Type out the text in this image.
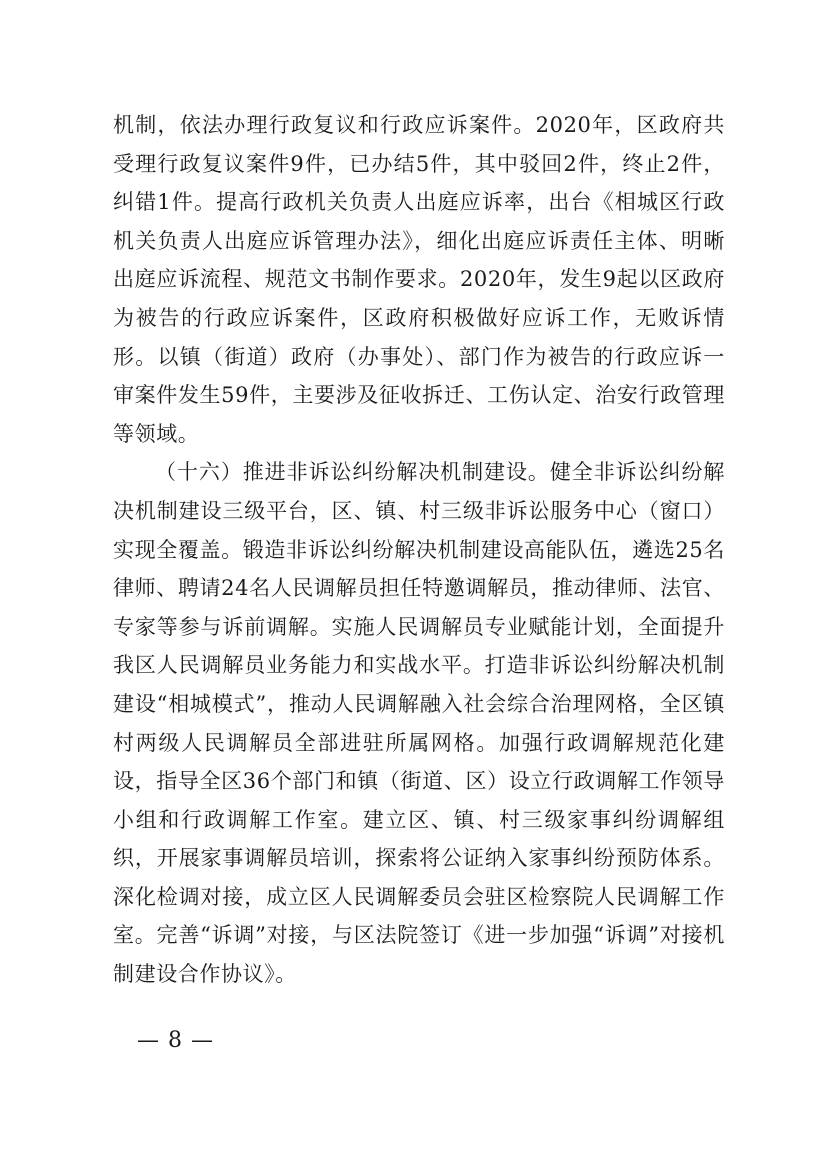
机制，依法办理行政复议和行政应诉案件。2020年，区政府共受理行政复议案件9件，已办结5件，其中驳回2件，终止2件，纠错1件。提高行政机关负责人出庭应诉率，出台《相城区行政机关负责人出庭应诉管理办法》，细化出庭应诉责任主体、明晰出庭应诉流程、规范文书制作要求。2020年，发生9起以区政府为被告的行政应诉案件，区政府积极做好应诉工作，无败诉情形。以镇（街道）政府（办事处）、部门作为被告的行政应诉一审案件发生59件，主要涉及征收拆迁、工伤认定、治安行政管理等领域。

（十六）推进非诉讼纠纷解决机制建设。健全非诉讼纠纷解决机制建设三级平台，区、镇、村三级非诉讼服务中心（窗口）实现全覆盖。锻造非诉讼纠纷解决机制建设高能队伍，遴选25名律师、聘请24名人民调解员担任特邀调解员，推动律师、法官、专家等参与诉前调解。实施人民调解员专业赋能计划，全面提升我区人民调解员业务能力和实战水平。打造非诉讼纠纷解决机制建设“相城模式”，推动人民调解融入社会综合治理网格，全区镇村两级人民调解员全部进驻所属网格。加强行政调解规范化建设，指导全区36个部门和镇（街道、区）设立行政调解工作领导小组和行政调解工作室。建立区、镇、村三级家事纠纷调解组织，开展家事调解员培训，探索将公证纳入家事纠纷预防体系。深化检调对接，成立区人民调解委员会驻区检察院人民调解工作室。完善“诉调”对接，与区法院签订《进一步加强“诉调”对接机制建设合作协议》。

— 8 —
